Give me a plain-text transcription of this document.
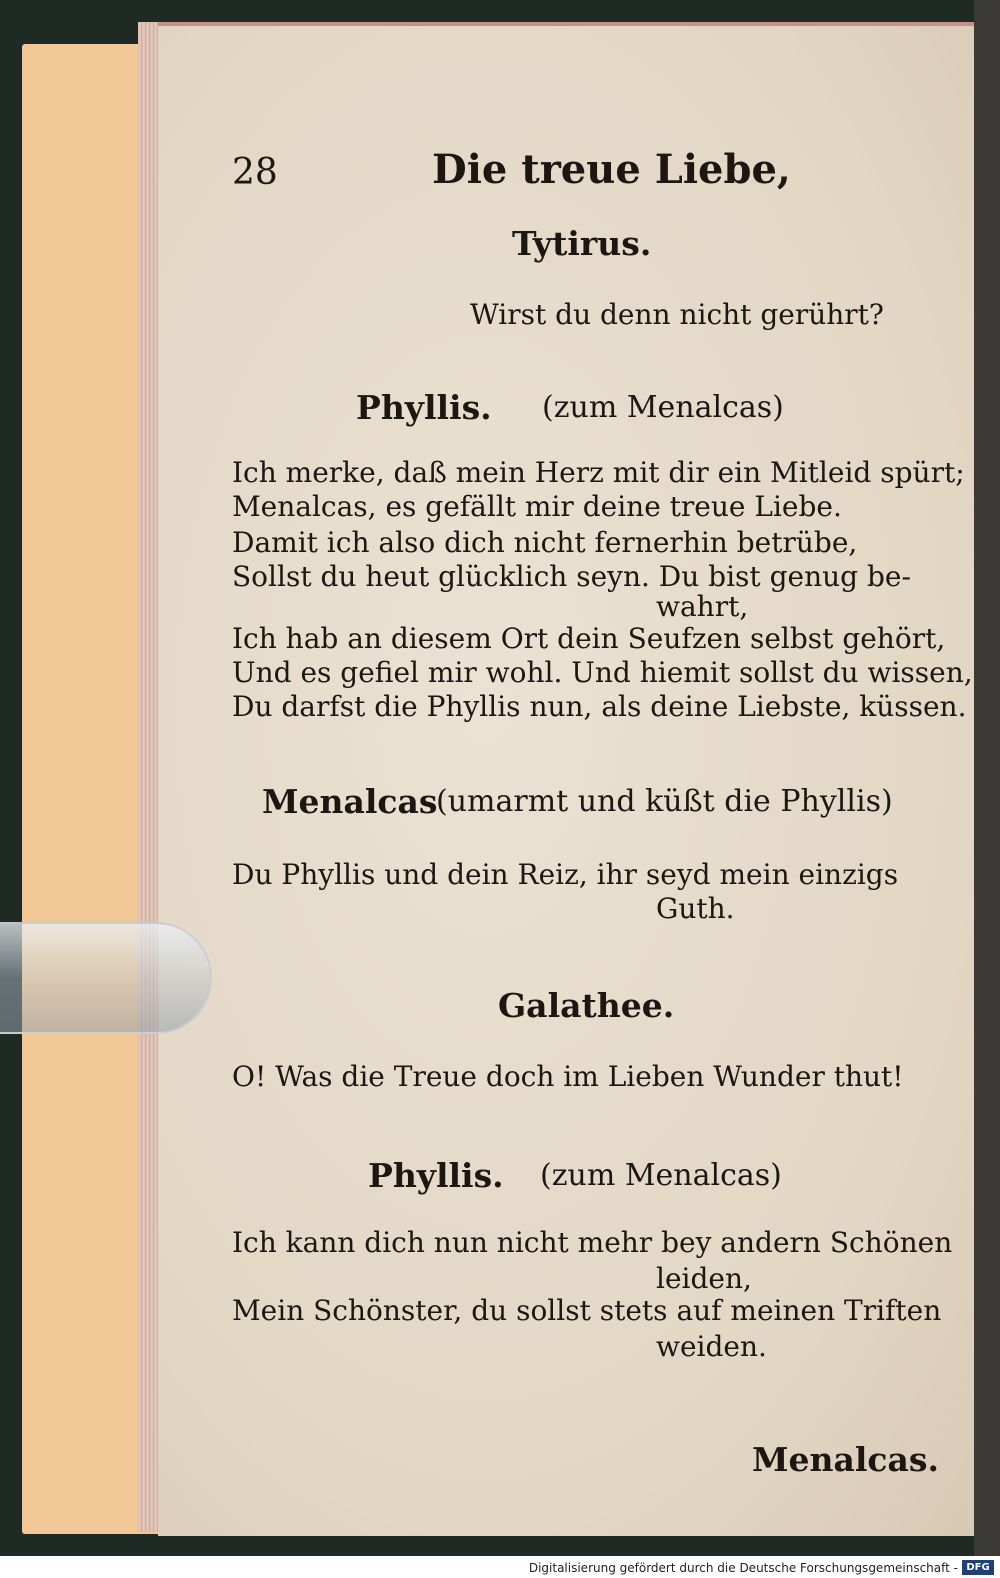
28	Die treue Liebe,
Tytirus.
Wirst du denn nicht gerührt?
Phyllis. (zum Menalcas)
Ich merke, daß mein Herz mit dir ein Mitleid spürt;
Menalcas, es gefällt mir deine treue Liebe.
Damit ich also dich nicht fernerhin betrübe,
Sollst du heut glücklich seyn. Du bist genug be-
wahrt,
Ich hab an diesem Ort dein Seufzen selbst gehört,
Und es gefiel mir wohl. Und hiemit sollst du wissen,
Du darfst die Phyllis nun, als deine Liebste, küssen.
Menalcas
(umarmt und küßt die Phyllis)
Du Phyllis und dein Reiz, ihr seyd mein einzigs
Guth.
Galathee.
O! Was die Treue doch im Lieben Wunder thut!
Phyllis. (zum Menalcas)
Ich kann dich nun nicht mehr bey andern Schönen
leiden,
Mein Schönster, du sollst stets auf meinen Triften
weiden.
Menalcas.
Digitalisierung gefördert durch die Deutsche Forschungsgemeinschaft - DFG
